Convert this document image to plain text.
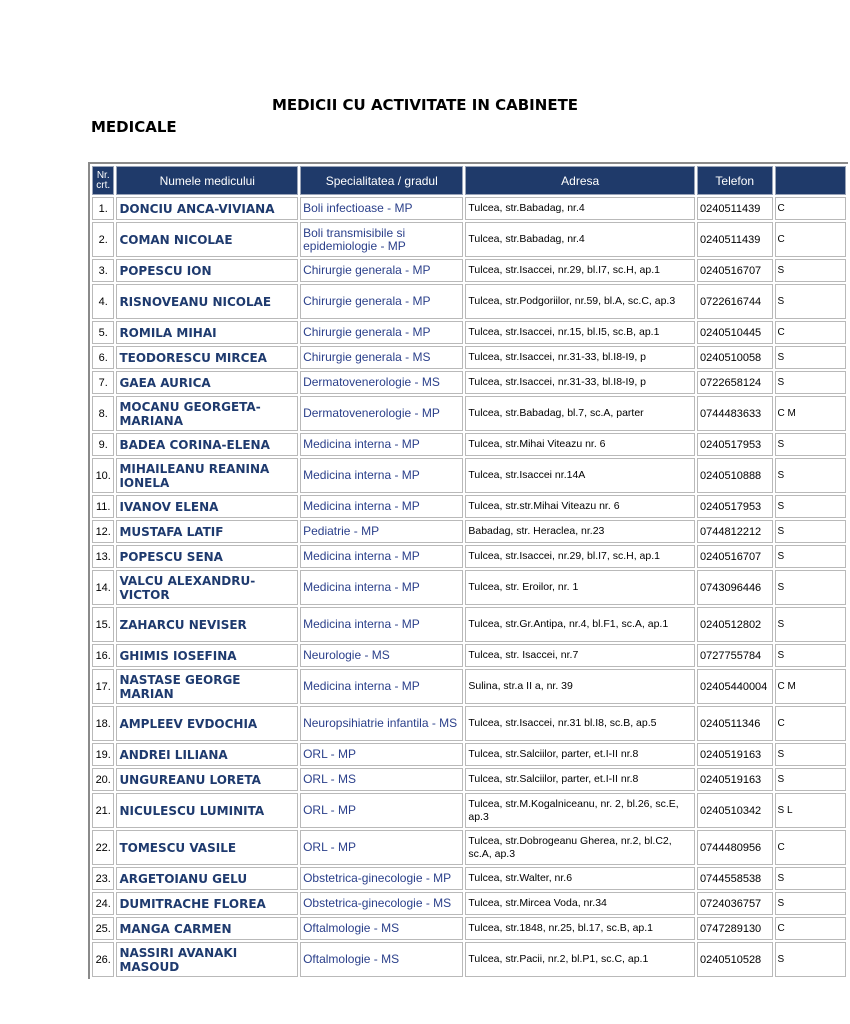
MEDICII CU ACTIVITATE IN CABINETE
MEDICALE
Nr. crt.	Numele medicului	Specialitatea / gradul	Adresa	Telefon	
1.	DONCIU ANCA-VIVIANA	Boli infectioase - MP	Tulcea, str.Babadag, nr.4	0240511439	C
2.	COMAN NICOLAE	Boli transmisibile si epidemiologie - MP	Tulcea, str.Babadag, nr.4	0240511439	C
3.	POPESCU ION	Chirurgie generala - MP	Tulcea, str.Isaccei, nr.29, bl.I7, sc.H, ap.1	0240516707	S
4.	RISNOVEANU NICOLAE	Chirurgie generala - MP	Tulcea, str.Podgoriilor, nr.59, bl.A, sc.C, ap.3	0722616744	S
5.	ROMILA MIHAI	Chirurgie generala - MP	Tulcea, str.Isaccei, nr.15, bl.I5, sc.B, ap.1	0240510445	C
6.	TEODORESCU MIRCEA	Chirurgie generala - MS	Tulcea, str.Isaccei, nr.31-33, bl.I8-I9, p	0240510058	S
7.	GAEA AURICA	Dermatovenerologie - MS	Tulcea, str.Isaccei, nr.31-33, bl.I8-I9, p	0722658124	S
8.	MOCANU GEORGETA-MARIANA	Dermatovenerologie - MP	Tulcea, str.Babadag, bl.7, sc.A, parter	0744483633	C M
9.	BADEA CORINA-ELENA	Medicina interna - MP	Tulcea, str.Mihai Viteazu nr. 6	0240517953	S
10.	MIHAILEANU REANINA IONELA	Medicina interna - MP	Tulcea, str.Isaccei nr.14A	0240510888	S
11.	IVANOV ELENA	Medicina interna - MP	Tulcea, str.str.Mihai Viteazu nr. 6	0240517953	S
12.	MUSTAFA LATIF	Pediatrie - MP	Babadag, str. Heraclea, nr.23	0744812212	S
13.	POPESCU SENA	Medicina interna - MP	Tulcea, str.Isaccei, nr.29, bl.I7, sc.H, ap.1	0240516707	S
14.	VALCU ALEXANDRU-VICTOR	Medicina interna - MP	Tulcea, str. Eroilor, nr. 1	0743096446	S
15.	ZAHARCU NEVISER	Medicina interna - MP	Tulcea, str.Gr.Antipa, nr.4, bl.F1, sc.A, ap.1	0240512802	S
16.	GHIMIS IOSEFINA	Neurologie - MS	Tulcea, str. Isaccei, nr.7	0727755784	S
17.	NASTASE GEORGE MARIAN	Medicina interna - MP	Sulina, str.a II a, nr. 39	02405440004	C M
18.	AMPLEEV EVDOCHIA	Neuropsihiatrie infantila - MS	Tulcea, str.Isaccei, nr.31 bl.I8, sc.B, ap.5	0240511346	C
19.	ANDREI LILIANA	ORL - MP	Tulcea, str.Salciilor, parter, et.I-II nr.8	0240519163	S
20.	UNGUREANU LORETA	ORL - MS	Tulcea, str.Salciilor, parter, et.I-II nr.8	0240519163	S
21.	NICULESCU LUMINITA	ORL - MP	Tulcea, str.M.Kogalniceanu, nr. 2, bl.26, sc.E, ap.3	0240510342	S L
22.	TOMESCU VASILE	ORL - MP	Tulcea, str.Dobrogeanu Gherea, nr.2, bl.C2, sc.A, ap.3	0744480956	C
23.	ARGETOIANU GELU	Obstetrica-ginecologie - MP	Tulcea, str.Walter, nr.6	0744558538	S
24.	DUMITRACHE FLOREA	Obstetrica-ginecologie - MS	Tulcea, str.Mircea Voda, nr.34	0724036757	S
25.	MANGA CARMEN	Oftalmologie - MS	Tulcea, str.1848, nr.25, bl.17, sc.B, ap.1	0747289130	C
26.	NASSIRI AVANAKI MASOUD	Oftalmologie - MS	Tulcea, str.Pacii, nr.2, bl.P1, sc.C, ap.1	0240510528	S
